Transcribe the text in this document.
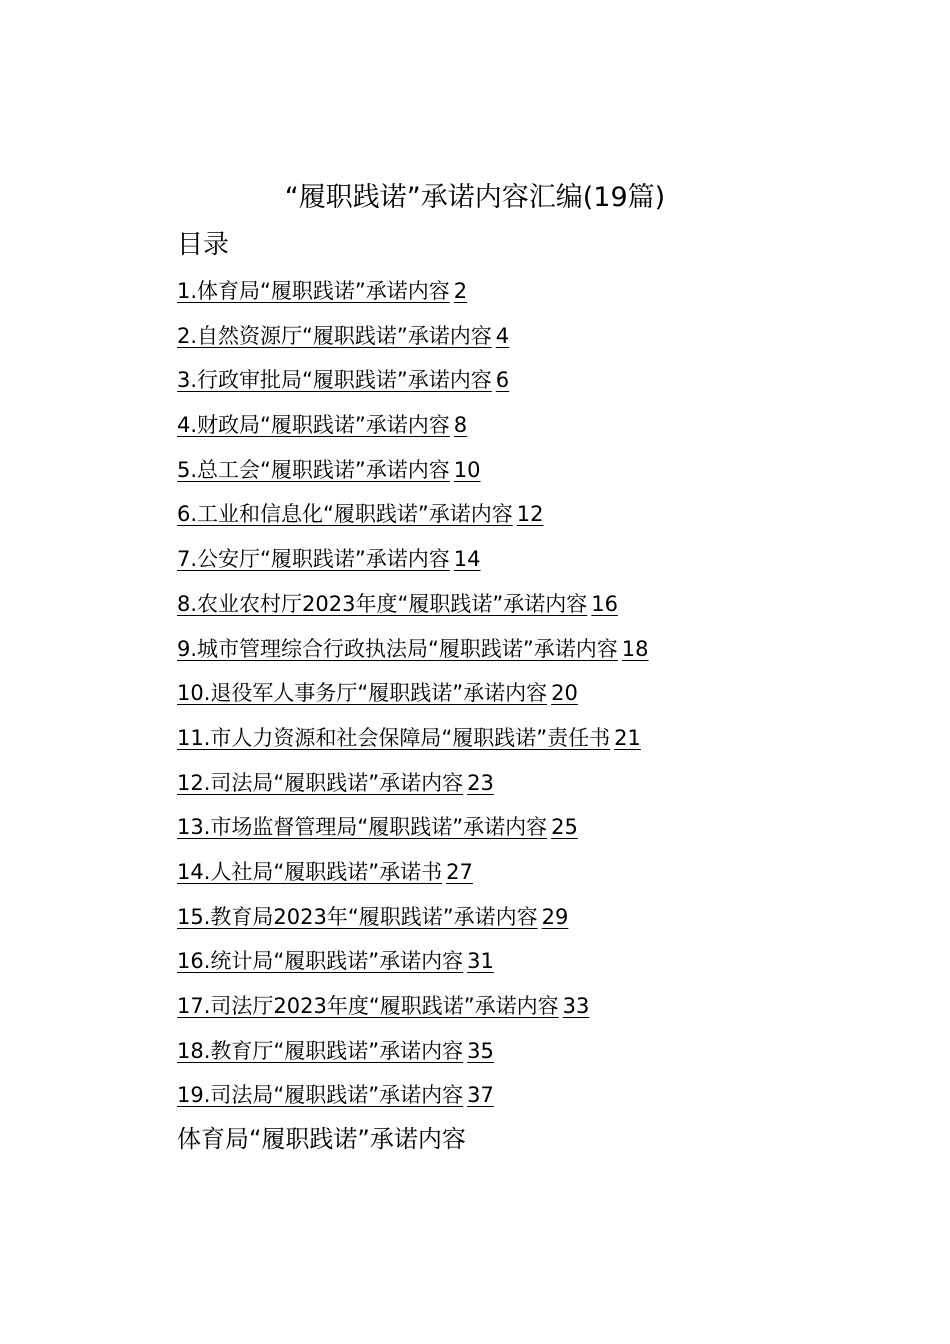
“履职践诺”承诺内容汇编(19篇)
目录
1.体育局“履职践诺”承诺内容 2
2.自然资源厅“履职践诺”承诺内容 4
3.行政审批局“履职践诺”承诺内容 6
4.财政局“履职践诺”承诺内容 8
5.总工会“履职践诺”承诺内容 10
6.工业和信息化“履职践诺”承诺内容 12
7.公安厅“履职践诺”承诺内容 14
8.农业农村厅2023年度“履职践诺”承诺内容 16
9.城市管理综合行政执法局“履职践诺”承诺内容 18
10.退役军人事务厅“履职践诺”承诺内容 20
11.市人力资源和社会保障局“履职践诺”责任书 21
12.司法局“履职践诺”承诺内容 23
13.市场监督管理局“履职践诺”承诺内容 25
14.人社局“履职践诺”承诺书 27
15.教育局2023年“履职践诺”承诺内容 29
16.统计局“履职践诺”承诺内容 31
17.司法厅2023年度“履职践诺”承诺内容 33
18.教育厅“履职践诺”承诺内容 35
19.司法局“履职践诺”承诺内容 37
体育局“履职践诺”承诺内容
